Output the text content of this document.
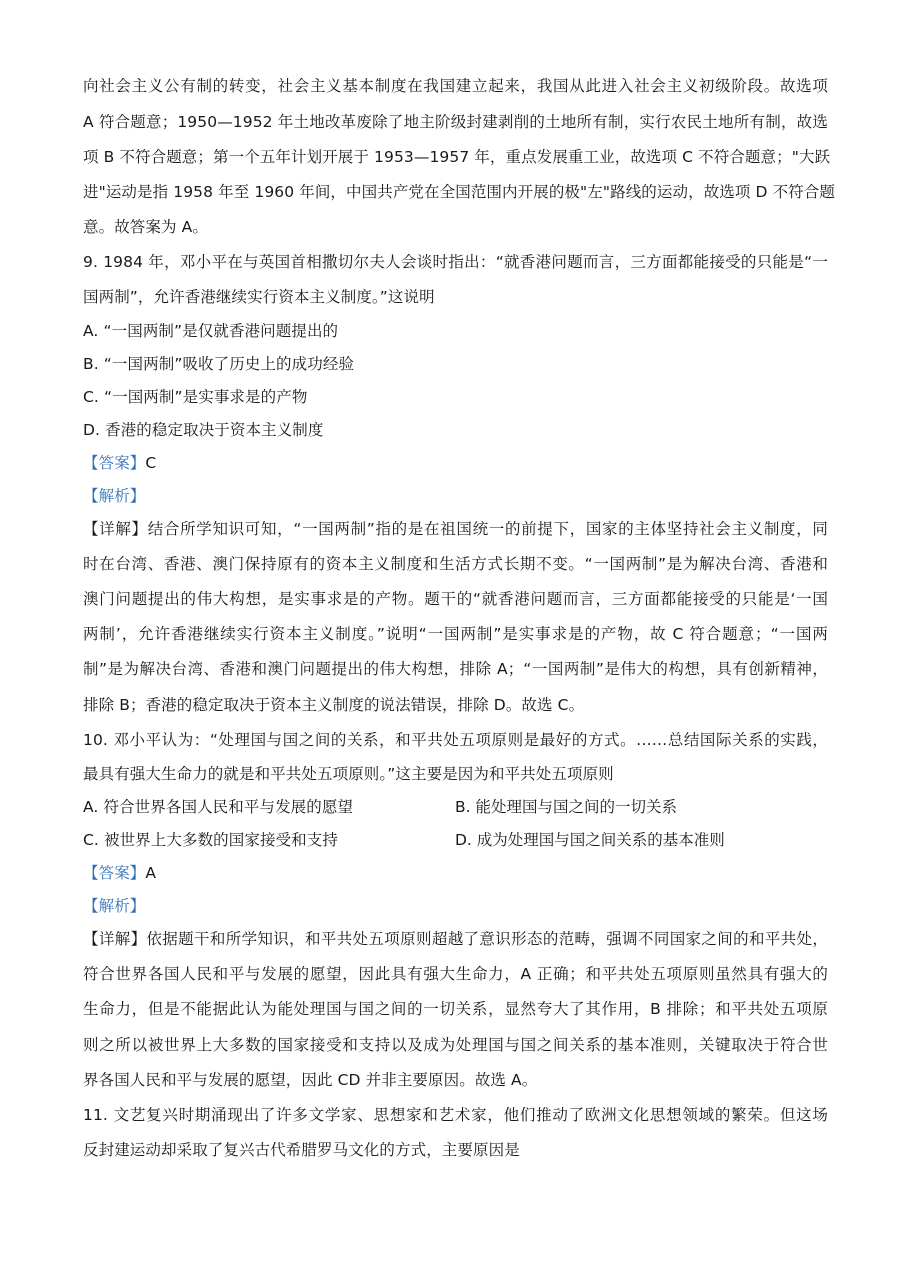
向社会主义公有制的转变，社会主义基本制度在我国建立起来，我国从此进入社会主义初级阶段。故选项
A 符合题意；1950—1952 年土地改革废除了地主阶级封建剥削的土地所有制，实行农民土地所有制，故选
项 B 不符合题意；第一个五年计划开展于 1953—1957 年，重点发展重工业，故选项 C 不符合题意；"大跃
进"运动是指 1958 年至 1960 年间，中国共产党在全国范围内开展的极"左"路线的运动，故选项 D 不符合题
意。故答案为 A。
9. 1984 年，邓小平在与英国首相撒切尔夫人会谈时指出：“就香港问题而言，三方面都能接受的只能是“一
国两制”，允许香港继续实行资本主义制度。”这说明
A. “一国两制”是仅就香港问题提出的
B. “一国两制”吸收了历史上的成功经验
C. “一国两制”是实事求是的产物
D. 香港的稳定取决于资本主义制度
【答案】C
【解析】
【详解】结合所学知识可知，“一国两制”指的是在祖国统一的前提下，国家的主体坚持社会主义制度，同
时在台湾、香港、澳门保持原有的资本主义制度和生活方式长期不变。“一国两制”是为解决台湾、香港和
澳门问题提出的伟大构想，是实事求是的产物。题干的“就香港问题而言，三方面都能接受的只能是‘一国
两制’，允许香港继续实行资本主义制度。”说明“一国两制”是实事求是的产物，故 C 符合题意；“一国两
制”是为解决台湾、香港和澳门问题提出的伟大构想，排除 A；“一国两制”是伟大的构想，具有创新精神，
排除 B；香港的稳定取决于资本主义制度的说法错误，排除 D。故选 C。
10. 邓小平认为：“处理国与国之间的关系，和平共处五项原则是最好的方式。……总结国际关系的实践，
最具有强大生命力的就是和平共处五项原则。”这主要是因为和平共处五项原则
A. 符合世界各国人民和平与发展的愿望	B. 能处理国与国之间的一切关系
C. 被世界上大多数的国家接受和支持	D. 成为处理国与国之间关系的基本准则
【答案】A
【解析】
【详解】依据题干和所学知识，和平共处五项原则超越了意识形态的范畴，强调不同国家之间的和平共处，
符合世界各国人民和平与发展的愿望，因此具有强大生命力，A 正确；和平共处五项原则虽然具有强大的
生命力，但是不能据此认为能处理国与国之间的一切关系，显然夸大了其作用，B 排除；和平共处五项原
则之所以被世界上大多数的国家接受和支持以及成为处理国与国之间关系的基本准则，关键取决于符合世
界各国人民和平与发展的愿望，因此 CD 并非主要原因。故选 A。
11. 文艺复兴时期涌现出了许多文学家、思想家和艺术家，他们推动了欧洲文化思想领域的繁荣。但这场
反封建运动却采取了复兴古代希腊罗马文化的方式，主要原因是
